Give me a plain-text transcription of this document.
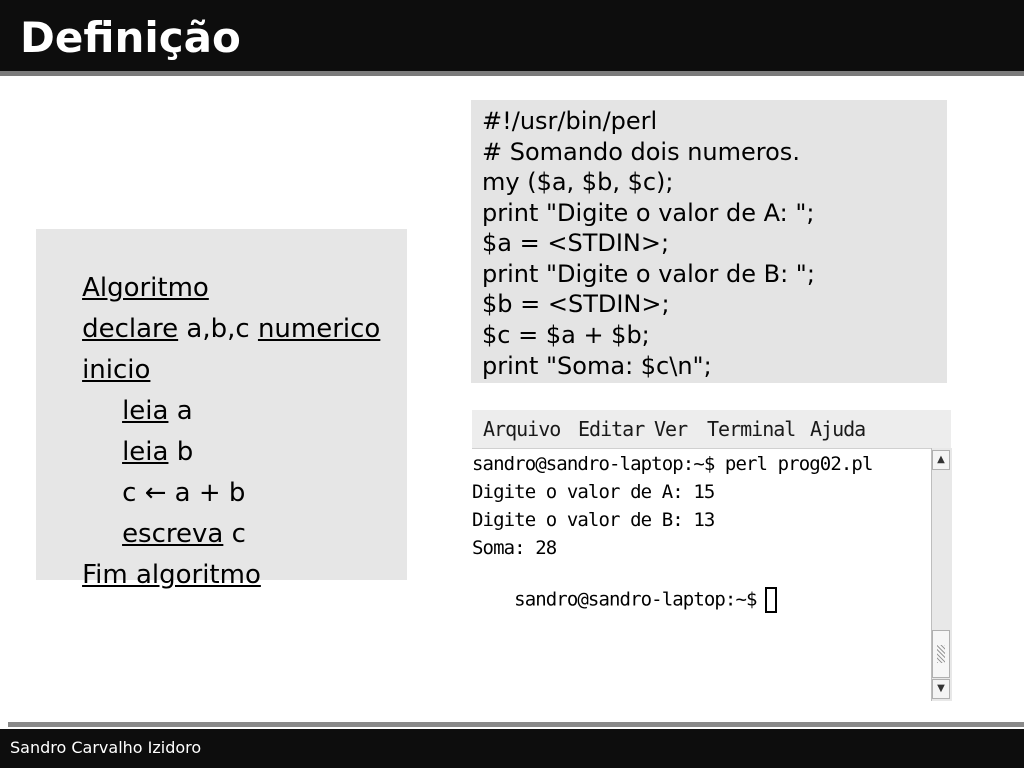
Definição

Algoritmo

declare a,b,c numerico

inicio

leia a

leia b

c ← a + b

escreva c

Fim algoritmo

#!/usr/bin/perl
# Somando dois numeros.
my ($a, $b, $c);
print "Digite o valor de A: ";
$a = <STDIN>;
print "Digite o valor de B: ";
$b = <STDIN>;
$c = $a + $b;
print "Soma: $c\n";
Arquivo Editar Ver Terminal Ajuda
sandro@sandro-laptop:~$ perl prog02.pl
Digite o valor de A: 15
Digite o valor de B: 13
Soma: 28

sandro@sandro-laptop:~$

▲
▼
Sandro Carvalho Izidoro
